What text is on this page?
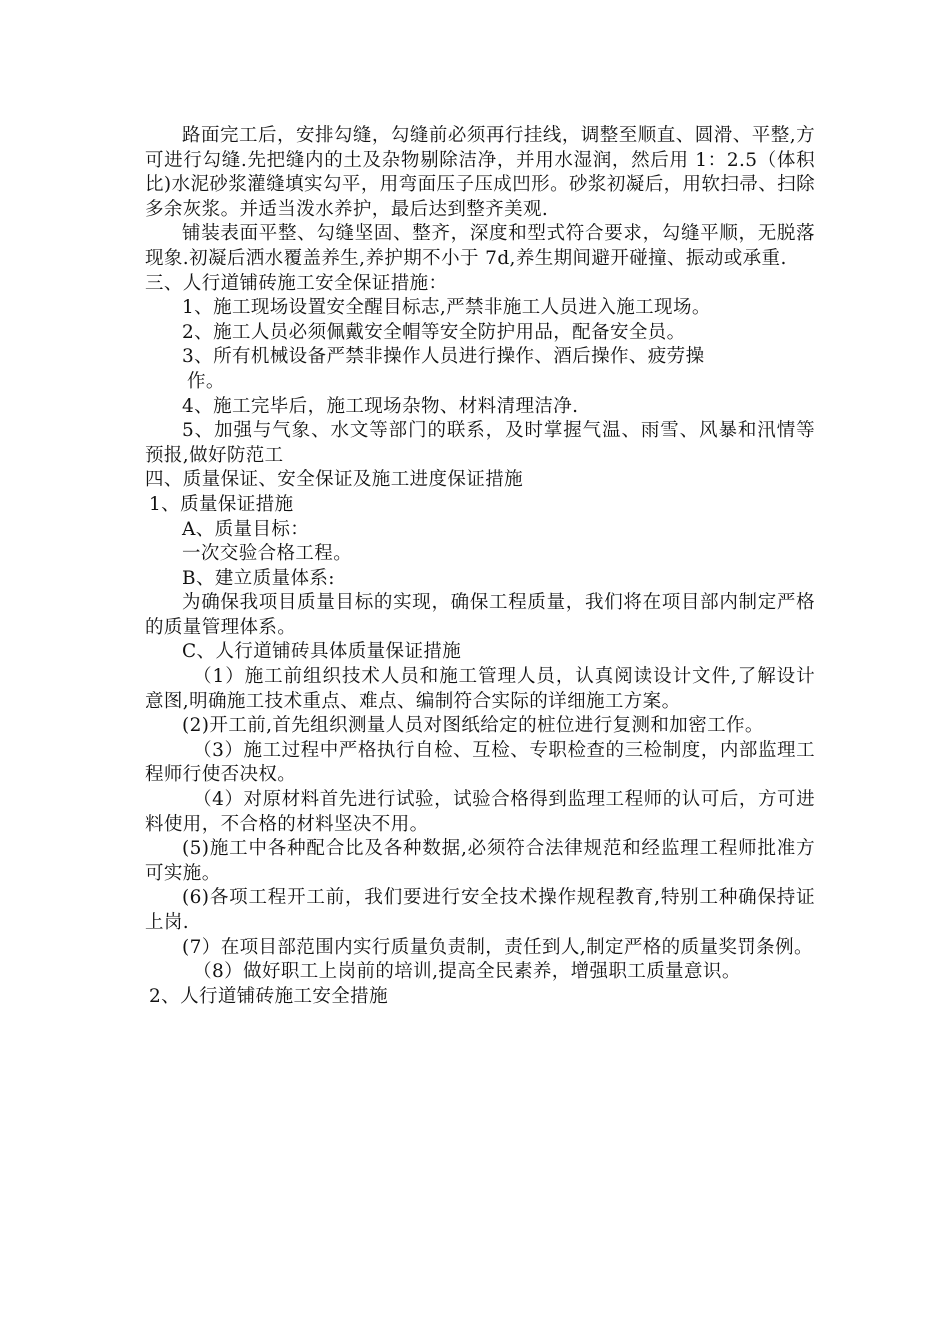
路面完工后，安排勾缝，勾缝前必须再行挂线，调整至顺直、圆滑、平整,方可进行勾缝.先把缝内的土及杂物剔除洁净，并用水湿润，然后用 1：2.5（体积比)水泥砂浆灌缝填实勾平，用弯面压子压成凹形。砂浆初凝后，用软扫帚、扫除多余灰浆。并适当泼水养护，最后达到整齐美观.

铺装表面平整、勾缝坚固、整齐，深度和型式符合要求，勾缝平顺，无脱落现象.初凝后洒水覆盖养生,养护期不小于 7d,养生期间避开碰撞、振动或承重.

三、人行道铺砖施工安全保证措施：

1、施工现场设置安全醒目标志,严禁非施工人员进入施工现场。

2、施工人员必须佩戴安全帽等安全防护用品，配备安全员。

3、所有机械设备严禁非操作人员进行操作、酒后操作、疲劳操

作。

4、施工完毕后，施工现场杂物、材料清理洁净.

5、加强与气象、水文等部门的联系，及时掌握气温、雨雪、风暴和汛情等预报,做好防范工

四、质量保证、安全保证及施工进度保证措施

1、质量保证措施

A、质量目标：

一次交验合格工程。

B、建立质量体系:

为确保我项目质量目标的实现，确保工程质量，我们将在项目部内制定严格的质量管理体系。

C、人行道铺砖具体质量保证措施

（1）施工前组织技术人员和施工管理人员，认真阅读设计文件,了解设计意图,明确施工技术重点、难点、编制符合实际的详细施工方案。

(2)开工前,首先组织测量人员对图纸给定的桩位进行复测和加密工作。

（3）施工过程中严格执行自检、互检、专职检查的三检制度，内部监理工程师行使否决权。

（4）对原材料首先进行试验，试验合格得到监理工程师的认可后，方可进料使用，不合格的材料坚决不用。

(5)施工中各种配合比及各种数据,必须符合法律规范和经监理工程师批准方可实施。

(6)各项工程开工前，我们要进行安全技术操作规程教育,特别工种确保持证上岗.

(7）在项目部范围内实行质量负责制，责任到人,制定严格的质量奖罚条例。

（8）做好职工上岗前的培训,提高全民素养，增强职工质量意识。

2、人行道铺砖施工安全措施
